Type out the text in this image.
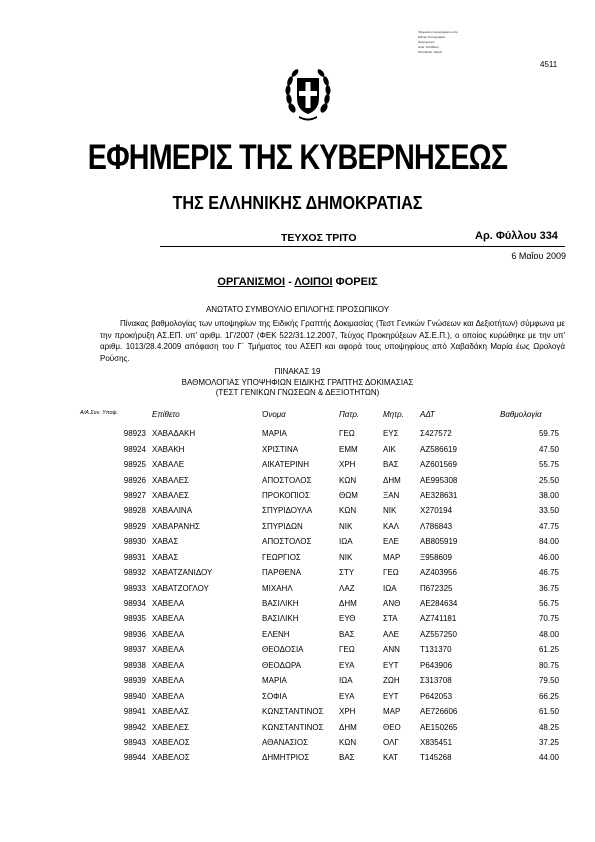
Ψηφιακά υπογεγραμμένο από
Εθνικό Τυπογραφείο
Ημερομηνία:
Αιτία: Κατάθεση
Τοποθεσία: Αθήνα
4511
ΕΦΗΜΕΡΙΣ ΤΗΣ ΚΥΒΕΡΝΗΣΕΩΣ
ΤΗΣ ΕΛΛΗΝΙΚΗΣ ΔΗΜΟΚΡΑΤΙΑΣ
ΤΕΥΧΟΣ ΤΡΙΤΟ	Αρ. Φύλλου 334
6 Μαΐου 2009
ΟΡΓΑΝΙΣΜΟΙ - ΛΟΙΠΟΙ ΦΟΡΕΙΣ
ΑΝΩΤΑΤΟ ΣΥΜΒΟΥΛΙΟ ΕΠΙΛΟΓΗΣ ΠΡΟΣΩΠΙΚΟΥ
Πίνακας βαθμολογίας των υποψηφίων της Ειδικής Γραπτής Δοκιμασίας (Τεστ Γενικών Γνώσεων και Δεξιοτήτων) σύμφωνα με την προκήρυξη ΑΣ.ΕΠ. υπ' αριθμ. 1Γ/2007 (ΦΕΚ 522/31.12.2007, Τεύχος Προκηρύξεων ΑΣ.Ε.Π.), ο οποίος κυρώθηκε με την υπ' αριθμ. 1013/28.4.2009 απόφαση του Γ΄ Τμήματος του ΑΣΕΠ και αφορά τους υποψηφίους από Χαβαδάκη Μαρία έως Ωρολογά Ρούσης.
ΠΙΝΑΚΑΣ 19
ΒΑΘΜΟΛΟΓΙΑΣ ΥΠΟΨΗΦΙΩΝ ΕΙΔΙΚΗΣ ΓΡΑΠΤΗΣ ΔΟΚΙΜΑΣΙΑΣ
(ΤΕΣΤ ΓΕΝΙΚΩΝ ΓΝΩΣΕΩΝ & ΔΕΞΙΟΤΗΤΩΝ)
Α/Α Συν. Υποψ.	Επίθετο	Όνομα	Πατρ.	Μητρ.	ΑΔΤ	Βαθμολογία
98923	ΧΑΒΑΔΑΚΗ	ΜΑΡΙΑ	ΓΕΩ	ΕΥΣ	Σ427572	59.75
98924	ΧΑΒΑΚΗ	ΧΡΙΣΤΙΝΑ	ΕΜΜ	ΑΙΚ	ΑΖ586619	47.50
98925	ΧΑΒΑΛΕ	ΑΙΚΑΤΕΡΙΝΗ	ΧΡΗ	ΒΑΣ	ΑΖ601569	55.75
98926	ΧΑΒΑΛΕΣ	ΑΠΟΣΤΟΛΟΣ	ΚΩΝ	ΔΗΜ	ΑΕ995308	25.50
98927	ΧΑΒΑΛΕΣ	ΠΡΟΚΟΠΙΟΣ	ΘΩΜ	ΞΑΝ	ΑΕ328631	38.00
98928	ΧΑΒΑΛΙΝΑ	ΣΠΥΡΙΔΟΥΛΑ	ΚΩΝ	ΝΙΚ	Χ270194	33.50
98929	ΧΑΒΑΡΑΝΗΣ	ΣΠΥΡΙΔΩΝ	ΝΙΚ	ΚΑΛ	Λ786843	47.75
98930	ΧΑΒΑΣ	ΑΠΟΣΤΟΛΟΣ	ΙΩΑ	ΕΛΕ	ΑΒ805919	84.00
98931	ΧΑΒΑΣ	ΓΕΩΡΓΙΟΣ	ΝΙΚ	ΜΑΡ	Ξ958609	46.00
98932	ΧΑΒΑΤΖΑΝΙΔΟΥ	ΠΑΡΘΕΝΑ	ΣΤΥ	ΓΕΩ	ΑΖ403956	46.75
98933	ΧΑΒΑΤΖΟΓΛΟΥ	ΜΙΧΑΗΛ	ΛΑΖ	ΙΩΑ	Π672325	36.75
98934	ΧΑΒΕΛΑ	ΒΑΣΙΛΙΚΗ	ΔΗΜ	ΑΝΘ	ΑΕ284634	56.75
98935	ΧΑΒΕΛΑ	ΒΑΣΙΛΙΚΗ	ΕΥΘ	ΣΤΑ	ΑΖ741181	70.75
98936	ΧΑΒΕΛΑ	ΕΛΕΝΗ	ΒΑΣ	ΑΛΕ	ΑΖ557250	48.00
98937	ΧΑΒΕΛΑ	ΘΕΟΔΟΣΙΑ	ΓΕΩ	ΑΝΝ	Τ131370	61.25
98938	ΧΑΒΕΛΑ	ΘΕΟΔΩΡΑ	ΕΥΑ	ΕΥΤ	Ρ643906	80.75
98939	ΧΑΒΕΛΑ	ΜΑΡΙΑ	ΙΩΑ	ΖΩΗ	Σ313708	79.50
98940	ΧΑΒΕΛΑ	ΣΟΦΙΑ	ΕΥΑ	ΕΥΤ	Ρ642053	66.25
98941	ΧΑΒΕΛΑΣ	ΚΩΝΣΤΑΝΤΙΝΟΣ	ΧΡΗ	ΜΑΡ	ΑΕ726606	61.50
98942	ΧΑΒΕΛΕΣ	ΚΩΝΣΤΑΝΤΙΝΟΣ	ΔΗΜ	ΘΕΟ	ΑΕ150265	48.25
98943	ΧΑΒΕΛΟΣ	ΑΘΑΝΑΣΙΟΣ	ΚΩΝ	ΟΛΓ	Χ835451	37.25
98944	ΧΑΒΕΛΟΣ	ΔΗΜΗΤΡΙΟΣ	ΒΑΣ	ΚΑΤ	Τ145268	44.00
